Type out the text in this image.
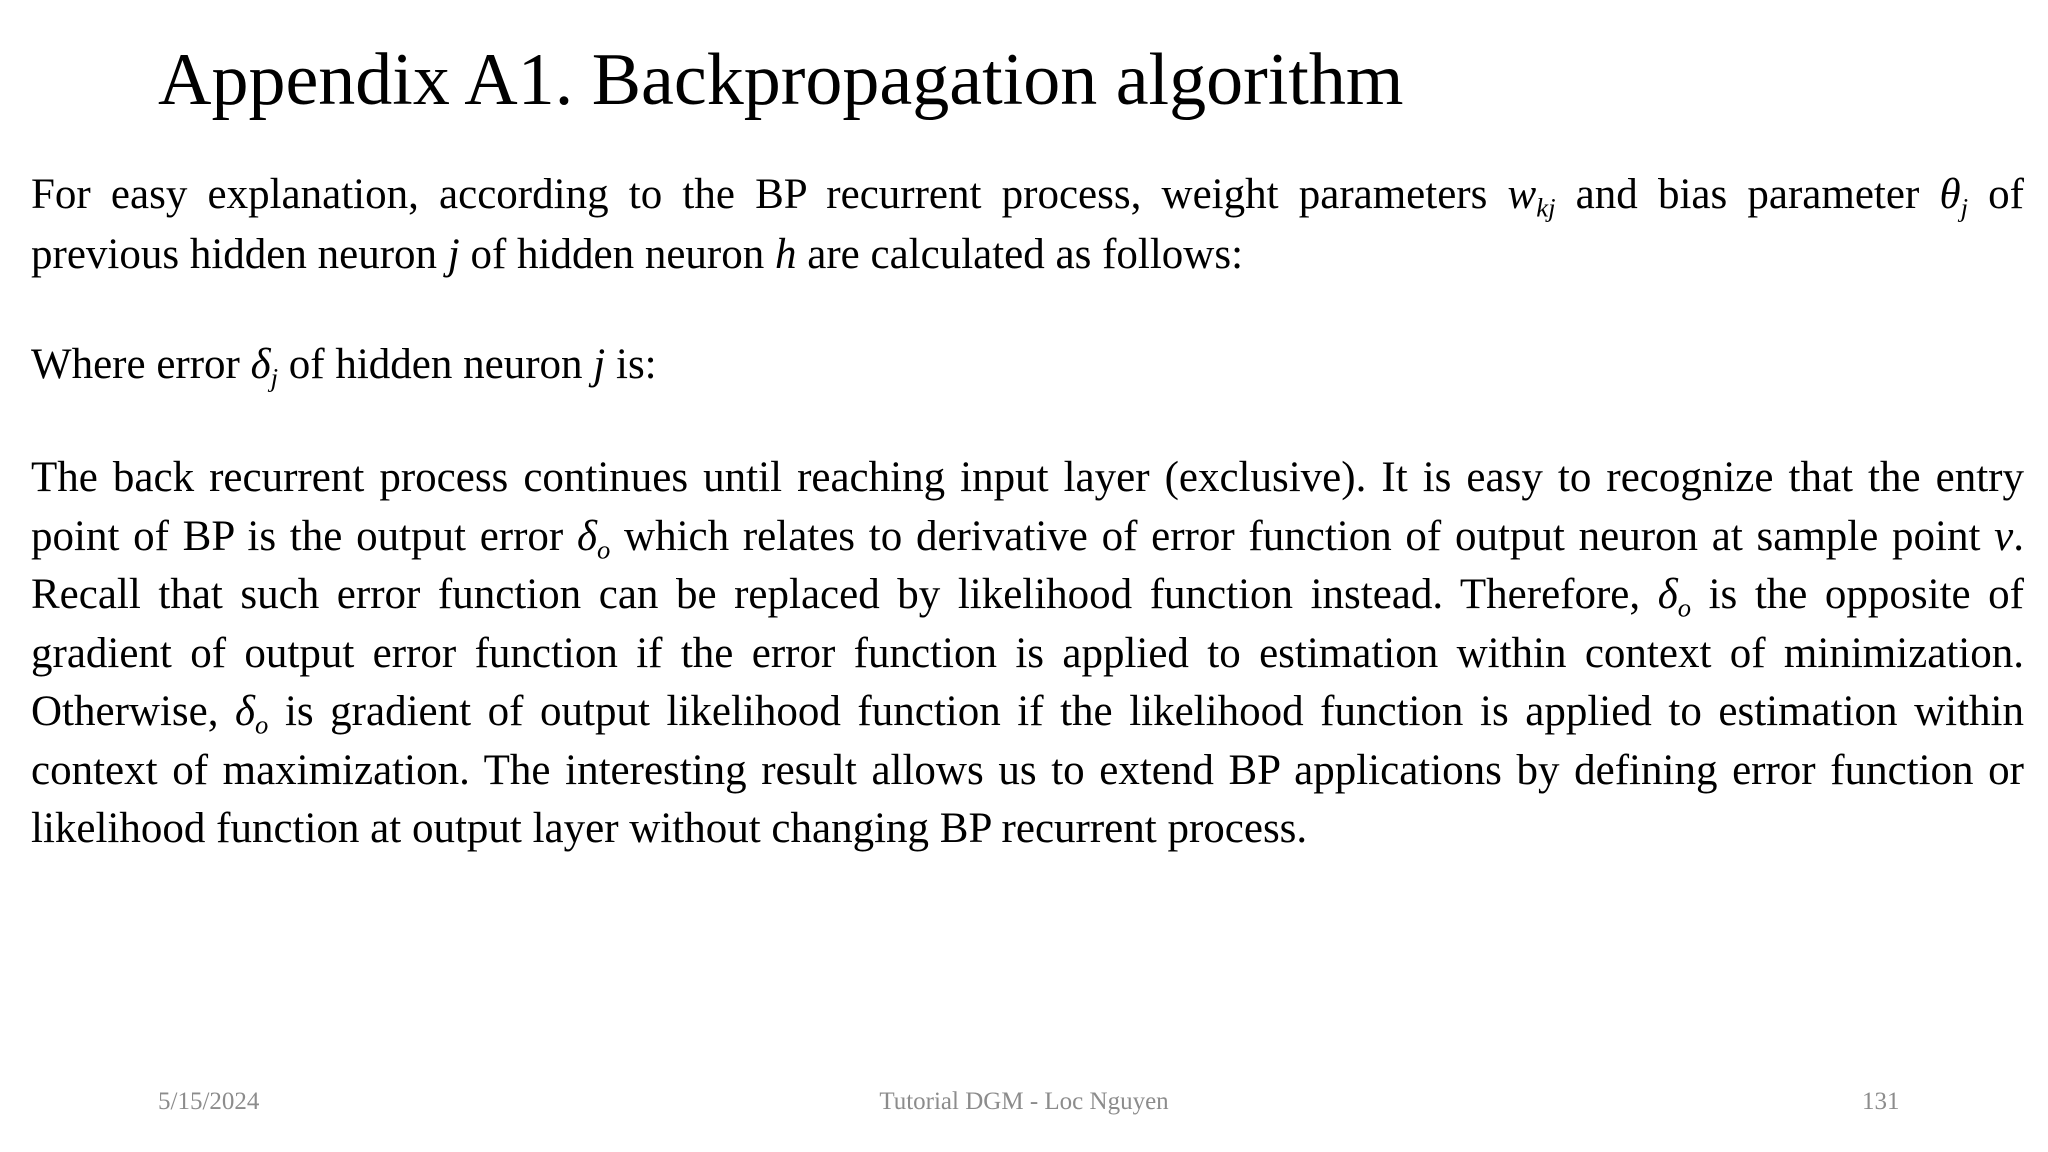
Appendix A1. Backpropagation algorithm

For easy explanation, according to the BP recurrent process, weight parameters $w_{kj}$ and bias parameter $\theta_j$ of previous hidden neuron j of hidden neuron h are calculated as follows:

Where error $\delta_j$ of hidden neuron j is:

The back recurrent process continues until reaching input layer (exclusive). It is easy to recognize that the entry point of BP is the output error $\delta_o$ which relates to derivative of error function of output neuron at sample point v. Recall that such error function can be replaced by likelihood function instead. Therefore, $\delta_o$ is the opposite of gradient of output error function if the error function is applied to estimation within context of minimization. Otherwise, $\delta_o$ is gradient of output likelihood function if the likelihood function is applied to estimation within context of maximization. The interesting result allows us to extend BP applications by defining error function or likelihood function at output layer without changing BP recurrent process.

5/15/2024	Tutorial DGM - Loc Nguyen	131
